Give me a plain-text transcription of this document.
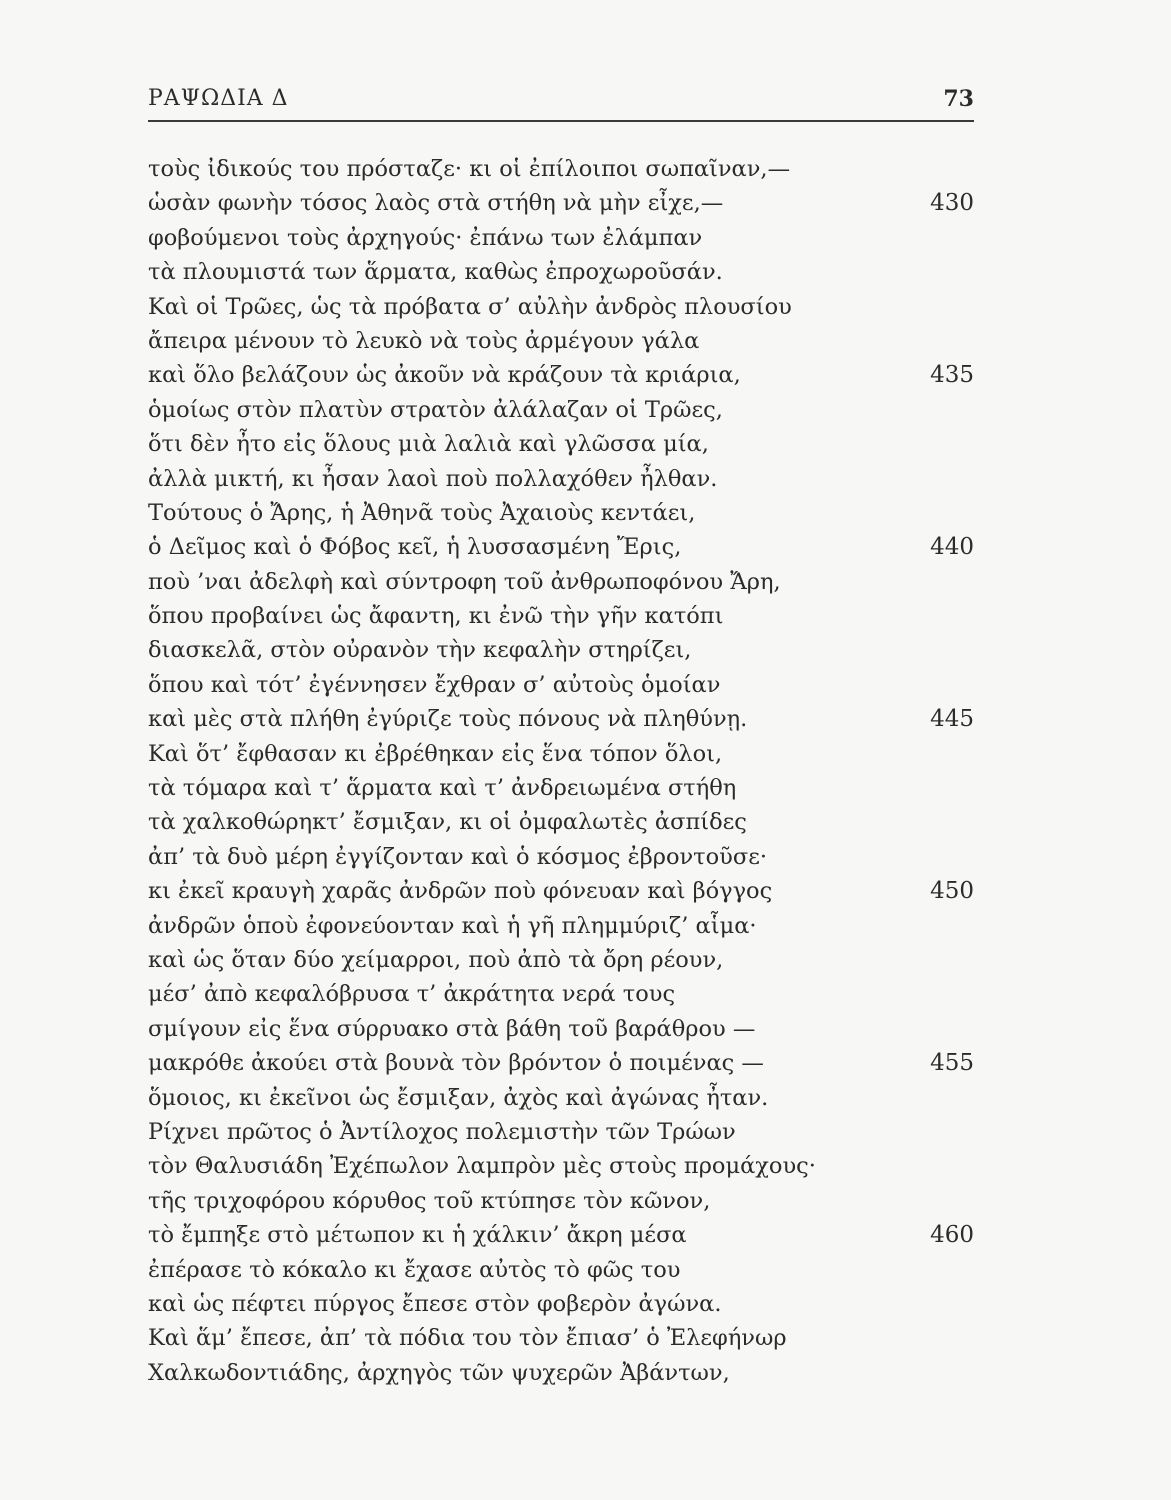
ΡΑΨΩΔΙΑ Δ	73
τοὺς ἰδικούς του πρόσταζε· κι οἱ ἐπίλοιποι σωπαῖναν,—
ὡσὰν φωνὴν τόσος λαὸς στὰ στήθη νὰ μὴν εἶχε,—	430
φοβούμενοι τοὺς ἀρχηγούς· ἐπάνω των ἐλάμπαν
τὰ πλουμιστά των ἅρματα, καθὼς ἐπροχωροῦσάν.
Καὶ οἱ Τρῶες, ὡς τὰ πρόβατα σ’ αὐλὴν ἀνδρὸς πλουσίου
ἄπειρα μένουν τὸ λευκὸ νὰ τοὺς ἀρμέγουν γάλα
καὶ ὅλο βελάζουν ὡς ἀκοῦν νὰ κράζουν τὰ κριάρια,	435
ὁμοίως στὸν πλατὺν στρατὸν ἀλάλαζαν οἱ Τρῶες,
ὅτι δὲν ἦτο εἰς ὅλους μιὰ λαλιὰ καὶ γλῶσσα μία,
ἀλλὰ μικτή, κι ἦσαν λαοὶ ποὺ πολλαχόθεν ἦλθαν.
Τούτους ὁ Ἄρης, ἡ Ἀθηνᾶ τοὺς Ἀχαιοὺς κεντάει,
ὁ Δεῖμος καὶ ὁ Φόβος κεῖ, ἡ λυσσασμένη Ἔρις,	440
ποὺ ’ναι ἀδελφὴ καὶ σύντροφη τοῦ ἀνθρωποφόνου Ἄρη,
ὅπου προβαίνει ὡς ἄφαντη, κι ἐνῶ τὴν γῆν κατόπι
διασκελᾶ, στὸν οὐρανὸν τὴν κεφαλὴν στηρίζει,
ὅπου καὶ τότ’ ἐγέννησεν ἔχθραν σ’ αὐτοὺς ὁμοίαν
καὶ μὲς στὰ πλήθη ἐγύριζε τοὺς πόνους νὰ πληθύνῃ.	445
Καὶ ὅτ’ ἔφθασαν κι ἐβρέθηκαν εἰς ἕνα τόπον ὅλοι,
τὰ τόμαρα καὶ τ’ ἅρματα καὶ τ’ ἀνδρειωμένα στήθη
τὰ χαλκοθώρηκτ’ ἔσμιξαν, κι οἱ ὀμφαλωτὲς ἀσπίδες
ἀπ’ τὰ δυὸ μέρη ἐγγίζονταν καὶ ὁ κόσμος ἐβροντοῦσε·
κι ἐκεῖ κραυγὴ χαρᾶς ἀνδρῶν ποὺ φόνευαν καὶ βόγγος	450
ἀνδρῶν ὁποὺ ἐφονεύονταν καὶ ἡ γῆ πλημμύριζ’ αἷμα·
καὶ ὡς ὅταν δύο χείμαρροι, ποὺ ἀπὸ τὰ ὄρη ρέουν,
μέσ’ ἀπὸ κεφαλόβρυσα τ’ ἀκράτητα νερά τους
σμίγουν εἰς ἕνα σύρρυακο στὰ βάθη τοῦ βαράθρου —
μακρόθε ἀκούει στὰ βουνὰ τὸν βρόντον ὁ ποιμένας —	455
ὅμοιος, κι ἐκεῖνοι ὡς ἔσμιξαν, ἀχὸς καὶ ἀγώνας ἦταν.
Ρίχνει πρῶτος ὁ Ἀντίλοχος πολεμιστὴν τῶν Τρώων
τὸν Θαλυσιάδη Ἐχέπωλον λαμπρὸν μὲς στοὺς προμάχους·
τῆς τριχοφόρου κόρυθος τοῦ κτύπησε τὸν κῶνον,
τὸ ἔμπηξε στὸ μέτωπον κι ἡ χάλκιν’ ἄκρη μέσα	460
ἐπέρασε τὸ κόκαλο κι ἔχασε αὐτὸς τὸ φῶς του
καὶ ὡς πέφτει πύργος ἔπεσε στὸν φοβερὸν ἀγώνα.
Καὶ ἅμ’ ἔπεσε, ἀπ’ τὰ πόδια του τὸν ἔπιασ’ ὁ Ἐλεφήνωρ
Χαλκωδοντιάδης, ἀρχηγὸς τῶν ψυχερῶν Ἀβάντων,
